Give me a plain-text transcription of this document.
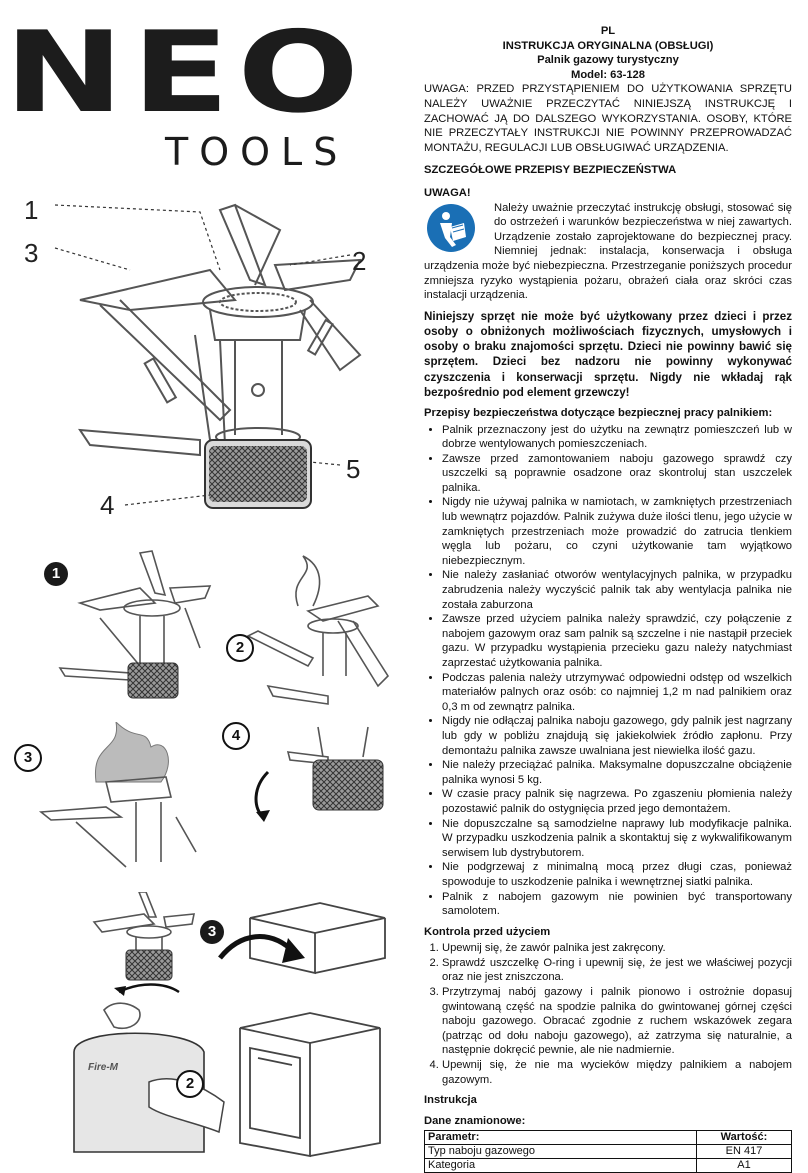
NEO
TOOLS
1
2
3
4
5
1
2
3
4
Fire-M
2
3
PL
INSTRUKCJA ORYGINALNA (OBSŁUGI)
Palnik gazowy turystyczny
Model: 63-128

UWAGA: PRZED PRZYSTĄPIENIEM DO UŻYTKOWANIA SPRZĘTU NALEŻY UWAŻNIE PRZECZYTAĆ NINIEJSZĄ INSTRUKCJĘ I ZACHOWAĆ JĄ DO DALSZEGO WYKORZYSTANIA. OSOBY, KTÓRE NIE PRZECZYTAŁY INSTRUKCJI NIE POWINNY PRZEPROWADZAĆ MONTAŻU, REGULACJI LUB OBSŁUGIWAĆ URZĄDZENIA.

SZCZEGÓŁOWE PRZEPISY BEZPIECZEŃSTWA
UWAGA!

Należy uważnie przeczytać instrukcję obsługi, stosować się do ostrzeżeń i warunków bezpieczeństwa w niej zawartych. Urządzenie zostało zaprojektowane do bezpiecznej pracy. Niemniej jednak: instalacja, konserwacja i obsługa urządzenia może być niebezpieczna. Przestrzeganie poniższych procedur zmniejsza ryzyko wystąpienia pożaru, obrażeń ciała oraz skróci czas instalacji urządzenia.

Niniejszy sprzęt nie może być użytkowany przez dzieci i przez osoby o obniżonych możliwościach fizycznych, umysłowych i osoby o braku znajomości sprzętu. Dzieci nie powinny bawić się sprzętem. Dzieci bez nadzoru nie powinny wykonywać czyszczenia i konserwacji sprzętu. Nigdy nie wkładaj rąk bezpośrednio pod element grzewczy!

Przepisy bezpieczeństwa dotyczące bezpiecznej pracy palnikiem:
• Palnik przeznaczony jest do użytku na zewnątrz pomieszczeń lub w dobrze wentylowanych pomieszczeniach.
• Zawsze przed zamontowaniem naboju gazowego sprawdź czy uszczelki są poprawnie osadzone oraz skontroluj stan uszczelek palnika.
• Nigdy nie używaj palnika w namiotach, w zamkniętych przestrzeniach lub wewnątrz pojazdów. Palnik zużywa duże ilości tlenu, jego użycie w zamkniętych przestrzeniach może prowadzić do zatrucia tlenkiem węgla lub pożaru, co czyni użytkowanie tam wyjątkowo niebezpiecznym.
• Nie należy zasłaniać otworów wentylacyjnych palnika, w przypadku zabrudzenia należy wyczyścić palnik tak aby wentylacja palnika nie została zaburzona
• Zawsze przed użyciem palnika należy sprawdzić, czy połączenie z nabojem gazowym oraz sam palnik są szczelne i nie nastąpił przeciek gazu. W przypadku wystąpienia przecieku gazu należy natychmiast zaprzestać użytkowania palnika.
• Podczas palenia należy utrzymywać odpowiedni odstęp od wszelkich materiałów palnych oraz osób: co najmniej 1,2 m nad palnikiem oraz 0,3 m od zewnątrz palnika.
• Nigdy nie odłączaj palnika naboju gazowego, gdy palnik jest nagrzany lub gdy w pobliżu znajdują się jakiekolwiek źródło zapłonu. Przy demontażu palnika zawsze uwalniana jest niewielka ilość gazu.
• Nie należy przeciążać palnika. Maksymalne dopuszczalne obciążenie palnika wynosi 5 kg.
• W czasie pracy palnik się nagrzewa. Po zgaszeniu płomienia należy pozostawić palnik do ostygnięcia przed jego demontażem.
• Nie dopuszczalne są samodzielne naprawy lub modyfikacje palnika. W przypadku uszkodzenia palnik a skontaktuj się z wykwalifikowanym serwisem lub dystrybutorem.
• Nie podgrzewaj z minimalną mocą przez długi czas, ponieważ spowoduje to uszkodzenie palnika i wewnętrznej siatki palnika.
• Palnik z nabojem gazowym nie powinien być transportowany samolotem.
Kontrola przed użyciem
1. Upewnij się, że zawór palnika jest zakręcony.
2. Sprawdź uszczelkę O-ring i upewnij się, że jest we właściwej pozycji oraz nie jest zniszczona.
3. Przytrzymaj nabój gazowy i palnik pionowo i ostrożnie dopasuj gwintowaną część na spodzie palnika do gwintowanej górnej części naboju gazowego. Obracać zgodnie z ruchem wskazówek zegara (patrząc od dołu naboju gazowego), aż zatrzyma się naturalnie, a następnie dokręcić pewnie, ale nie nadmiernie.
4. Upewnij się, że nie ma wycieków między palnikiem a nabojem gazowym.
Instrukcja
Dane znamionowe:
Parametr:	Wartość:
Typ naboju gazowego	EN 417
Kategoria	A1
